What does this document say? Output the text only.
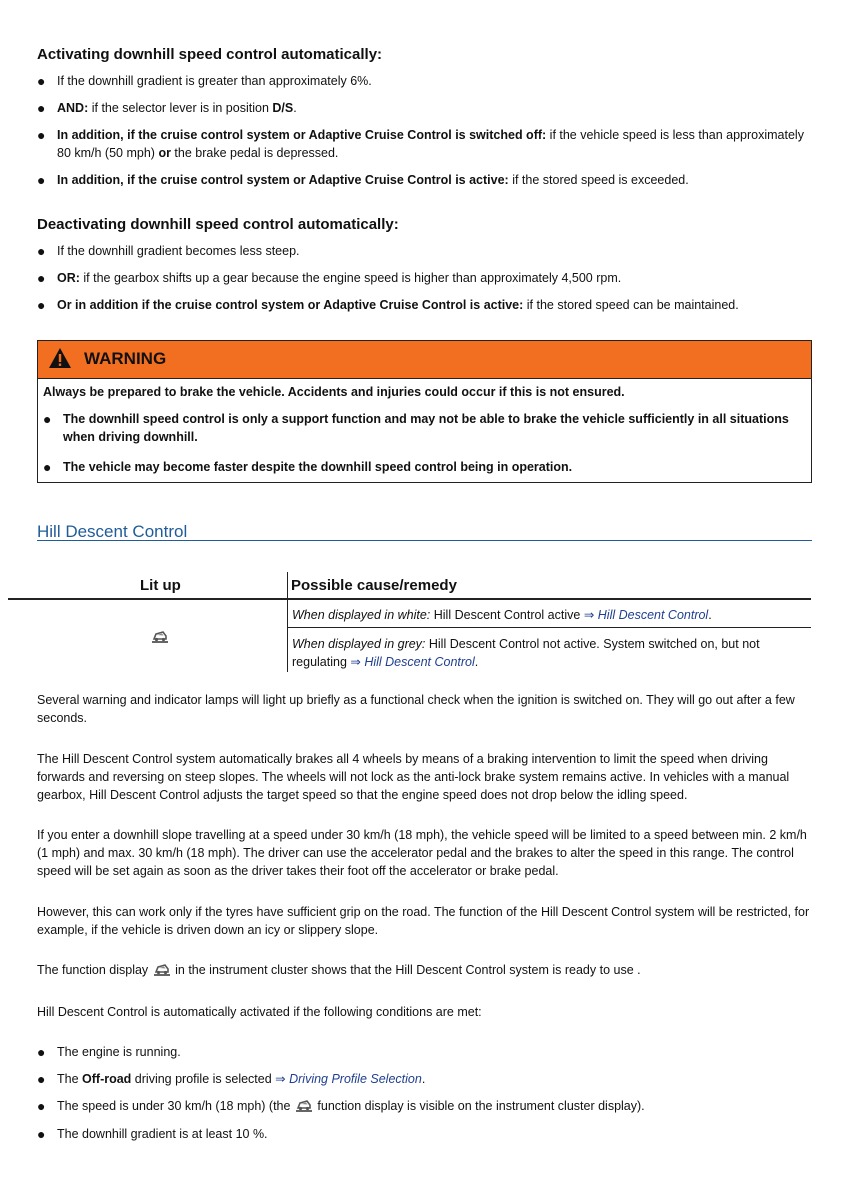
Activating downhill speed control automatically:
● If the downhill gradient is greater than approximately 6%.
● AND: if the selector lever is in position D/S.
● In addition, if the cruise control system or Adaptive Cruise Control is switched off: if the vehicle speed is less than approximately 80 km/h (50 mph) or the brake pedal is depressed.
● In addition, if the cruise control system or Adaptive Cruise Control is active: if the stored speed is exceeded.
Deactivating downhill speed control automatically:
● If the downhill gradient becomes less steep.
● OR: if the gearbox shifts up a gear because the engine speed is higher than approximately 4,500 rpm.
● Or in addition if the cruise control system or Adaptive Cruise Control is active: if the stored speed can be maintained.
WARNING
Always be prepared to brake the vehicle. Accidents and injuries could occur if this is not ensured.
● The downhill speed control is only a support function and may not be able to brake the vehicle sufficiently in all situations when driving downhill.
● The vehicle may become faster despite the downhill speed control being in operation.
Hill Descent Control
Lit up	Possible cause/remedy
When displayed in white: Hill Descent Control active ⇒ Hill Descent Control.
When displayed in grey: Hill Descent Control not active. System switched on, but not regulating ⇒ Hill Descent Control.
Several warning and indicator lamps will light up briefly as a functional check when the ignition is switched on. They will go out after a few seconds.
The Hill Descent Control system automatically brakes all 4 wheels by means of a braking intervention to limit the speed when driving forwards and reversing on steep slopes. The wheels will not lock as the anti-lock brake system remains active. In vehicles with a manual gearbox, Hill Descent Control adjusts the target speed so that the engine speed does not drop below the idling speed.
If you enter a downhill slope travelling at a speed under 30 km/h (18 mph), the vehicle speed will be limited to a speed between min. 2 km/h (1 mph) and max. 30 km/h (18 mph). The driver can use the accelerator pedal and the brakes to alter the speed in this range. The control speed will be set again as soon as the driver takes their foot off the accelerator or brake pedal.
However, this can work only if the tyres have sufficient grip on the road. The function of the Hill Descent Control system will be restricted, for example, if the vehicle is driven down an icy or slippery slope.
The function display  in the instrument cluster shows that the Hill Descent Control system is ready to use .
Hill Descent Control is automatically activated if the following conditions are met:
● The engine is running.
● The Off-road driving profile is selected ⇒ Driving Profile Selection.
● The speed is under 30 km/h (18 mph) (the  function display is visible on the instrument cluster display).
● The downhill gradient is at least 10 %.
